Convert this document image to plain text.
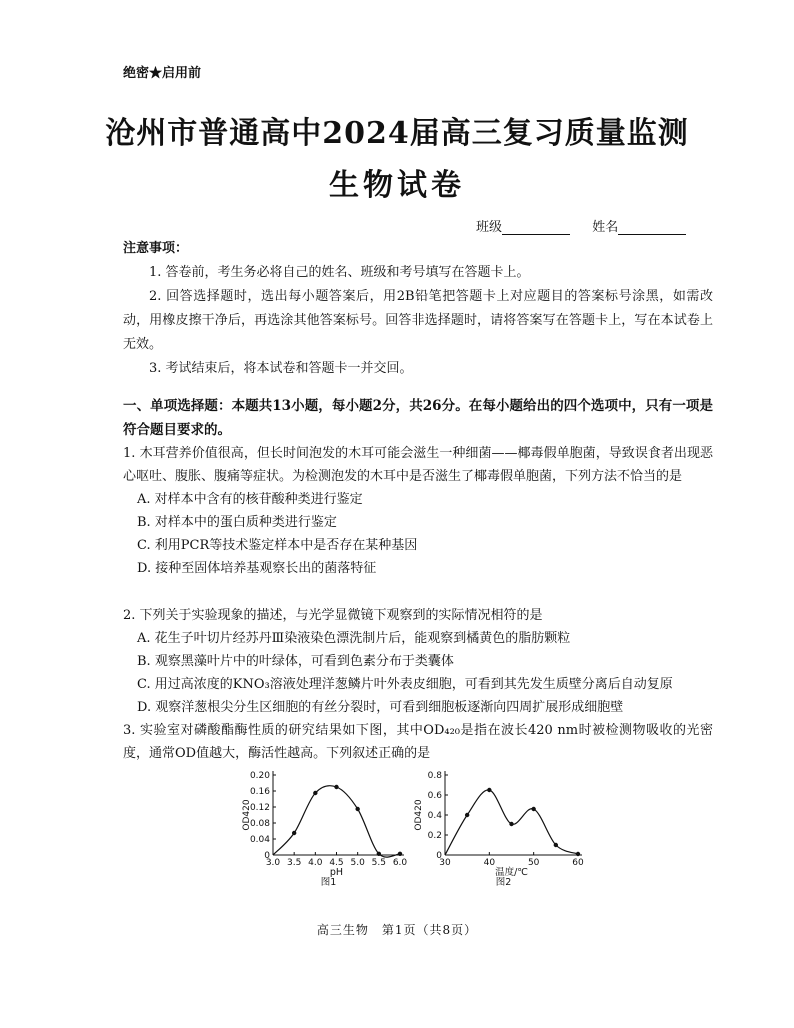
绝密★启用前
沧州市普通高中2024届高三复习质量监测
生物试卷
班级	姓名
注意事项：

1. 答卷前，考生务必将自己的姓名、班级和考号填写在答题卡上。

2. 回答选择题时，选出每小题答案后，用2B铅笔把答题卡上对应题目的答案标号涂黑，如需改动，用橡皮擦干净后，再选涂其他答案标号。回答非选择题时，请将答案写在答题卡上，写在本试卷上无效。

3. 考试结束后，将本试卷和答题卡一并交回。

一、单项选择题：本题共13小题，每小题2分，共26分。在每小题给出的四个选项中，只有一项是符合题目要求的。

1. 木耳营养价值很高，但长时间泡发的木耳可能会滋生一种细菌——椰毒假单胞菌，导致误食者出现恶心呕吐、腹胀、腹痛等症状。为检测泡发的木耳中是否滋生了椰毒假单胞菌，下列方法不恰当的是

A. 对样本中含有的核苷酸种类进行鉴定

B. 对样本中的蛋白质种类进行鉴定

C. 利用PCR等技术鉴定样本中是否存在某种基因

D. 接种至固体培养基观察长出的菌落特征

2. 下列关于实验现象的描述，与光学显微镜下观察到的实际情况相符的是

A. 花生子叶切片经苏丹Ⅲ染液染色漂洗制片后，能观察到橘黄色的脂肪颗粒

B. 观察黑藻叶片中的叶绿体，可看到色素分布于类囊体

C. 用过高浓度的KNO₃溶液处理洋葱鳞片叶外表皮细胞，可看到其先发生质壁分离后自动复原

D. 观察洋葱根尖分生区细胞的有丝分裂时，可看到细胞板逐渐向四周扩展形成细胞壁

3. 实验室对磷酸酯酶性质的研究结果如下图，其中OD₄₂₀是指在波长420 nm时被检测物吸收的光密度，通常OD值越大，酶活性越高。下列叙述正确的是

0
0.04
0.08
0.12
0.16
0.20
3.0 3.5 4.0 4.5 5.0 5.5 6.0
OD420
pH
图1
0
0.2
0.4
0.6
0.8
30	40	50	60
OD420
温度/℃
图2
高三生物　第1页（共8页）
